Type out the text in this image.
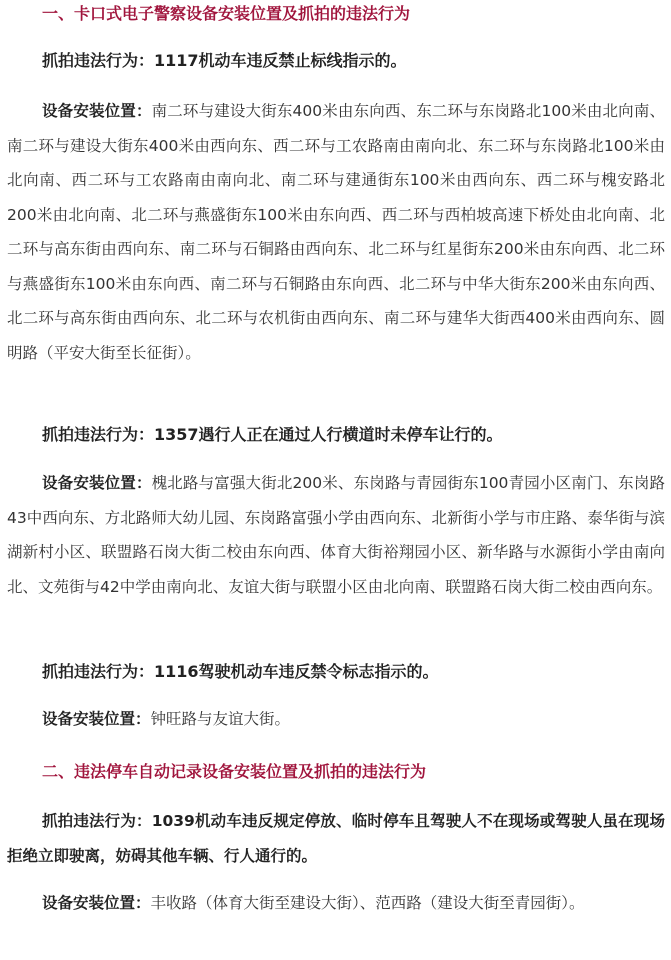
一、卡口式电子警察设备安装位置及抓拍的违法行为
抓拍违法行为：1117机动车违反禁止标线指示的。
设备安装位置：南二环与建设大街东400米由东向西、东二环与东岗路北100米由北向南、南二环与建设大街东400米由西向东、西二环与工农路南由南向北、东二环与东岗路北100米由北向南、西二环与工农路南由南向北、南二环与建通街东100米由西向东、西二环与槐安路北200米由北向南、北二环与燕盛街东100米由东向西、西二环与西柏坡高速下桥处由北向南、北二环与高东街由西向东、南二环与石铜路由西向东、北二环与红星街东200米由东向西、北二环与燕盛街东100米由东向西、南二环与石铜路由东向西、北二环与中华大街东200米由东向西、北二环与高东街由西向东、北二环与农机街由西向东、南二环与建华大街西400米由西向东、圆明路（平安大街至长征街）。
抓拍违法行为：1357遇行人正在通过人行横道时未停车让行的。
设备安装位置：槐北路与富强大街北200米、东岗路与青园街东100青园小区南门、东岗路43中西向东、方北路师大幼儿园、东岗路富强小学由西向东、北新街小学与市庄路、泰华街与滨湖新村小区、联盟路石岗大街二校由东向西、体育大街裕翔园小区、新华路与水源街小学由南向北、文苑街与42中学由南向北、友谊大街与联盟小区由北向南、联盟路石岗大街二校由西向东。
抓拍违法行为：1116驾驶机动车违反禁令标志指示的。
设备安装位置：钟旺路与友谊大街。
二、违法停车自动记录设备安装位置及抓拍的违法行为
抓拍违法行为：1039机动车违反规定停放、临时停车且驾驶人不在现场或驾驶人虽在现场拒绝立即驶离，妨碍其他车辆、行人通行的。
设备安装位置：丰收路（体育大街至建设大街）、范西路（建设大街至青园街）。
